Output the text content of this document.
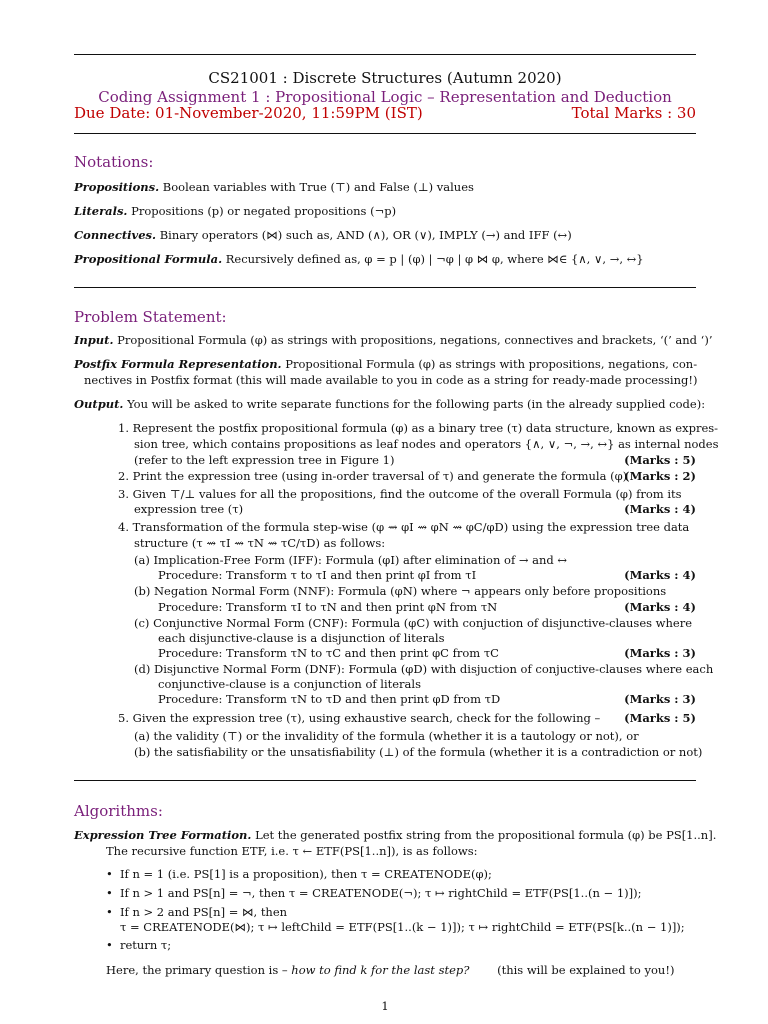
CS21001 : Discrete Structures (Autumn 2020)
Coding Assignment 1 : Propositional Logic – Representation and Deduction
Due Date: 01-November-2020, 11:59PM (IST)	Total Marks : 30
Notations:
Propositions. Boolean variables with True (⊤) and False (⊥) values
Literals. Propositions (p) or negated propositions (¬p)
Connectives. Binary operators (⋈) such as, AND (∧), OR (∨), IMPLY (→) and IFF (↔)
Propositional Formula. Recursively defined as, φ = p | (φ) | ¬φ | φ ⋈ φ, where ⋈∈ {∧, ∨, →, ↔}
Problem Statement:
Input. Propositional Formula (φ) as strings with propositions, negations, connectives and brackets, ‘(’ and ‘)’
Postfix Formula Representation. Propositional Formula (φ) as strings with propositions, negations, con-
nectives in Postfix format (this will made available to you in code as a string for ready-made processing!)
Output. You will be asked to write separate functions for the following parts (in the already supplied code):
1. Represent the postfix propositional formula (φ) as a binary tree (τ) data structure, known as expres-
sion tree, which contains propositions as leaf nodes and operators {∧, ∨, ¬, →, ↔} as internal nodes
(refer to the left expression tree in Figure 1)	(Marks : 5)
2. Print the expression tree (using in-order traversal of τ) and generate the formula (φ)
(Marks : 2)
3. Given ⊤/⊥ values for all the propositions, find the outcome of the overall Formula (φ) from its
expression tree (τ)	(Marks : 4)
4. Transformation of the formula step-wise (φ ⇝ φI ⇝ φN ⇝ φC/φD) using the expression tree data
structure (τ ⇝ τI ⇝ τN ⇝ τC/τD) as follows:
(a) Implication-Free Form (IFF): Formula (φI) after elimination of → and ↔
Procedure: Transform τ to τI and then print φI from τI	(Marks : 4)
(b) Negation Normal Form (NNF): Formula (φN) where ¬ appears only before propositions
Procedure: Transform τI to τN and then print φN from τN	(Marks : 4)
(c) Conjunctive Normal Form (CNF): Formula (φC) with conjuction of disjunctive-clauses where
each disjunctive-clause is a disjunction of literals
Procedure: Transform τN to τC and then print φC from τC	(Marks : 3)
(d) Disjunctive Normal Form (DNF): Formula (φD) with disjuction of conjuctive-clauses where each
conjunctive-clause is a conjunction of literals
Procedure: Transform τN to τD and then print φD from τD	(Marks : 3)
5. Given the expression tree (τ), using exhaustive search, check for the following – (Marks : 5)
(a) the validity (⊤) or the invalidity of the formula (whether it is a tautology or not), or
(b) the satisfiability or the unsatisfiability (⊥) of the formula (whether it is a contradiction or not)
Algorithms:
Expression Tree Formation. Let the generated postfix string from the propositional formula (φ) be PS[1..n].
The recursive function ETF, i.e. τ ← ETF(PS[1..n]), is as follows:
• If n = 1 (i.e. PS[1] is a proposition), then τ = CREATENODE(φ);
• If n > 1 and PS[n] = ¬, then τ = CREATENODE(¬); τ ↦ rightChild = ETF(PS[1..(n − 1)]);
• If n > 2 and PS[n] = ⋈, then
τ = CREATENODE(⋈); τ ↦ leftChild = ETF(PS[1..(k − 1)]); τ ↦ rightChild = ETF(PS[k..(n − 1)]);
• return τ;
Here, the primary question is – how to find k for the last step? (this will be explained to you!)
1
